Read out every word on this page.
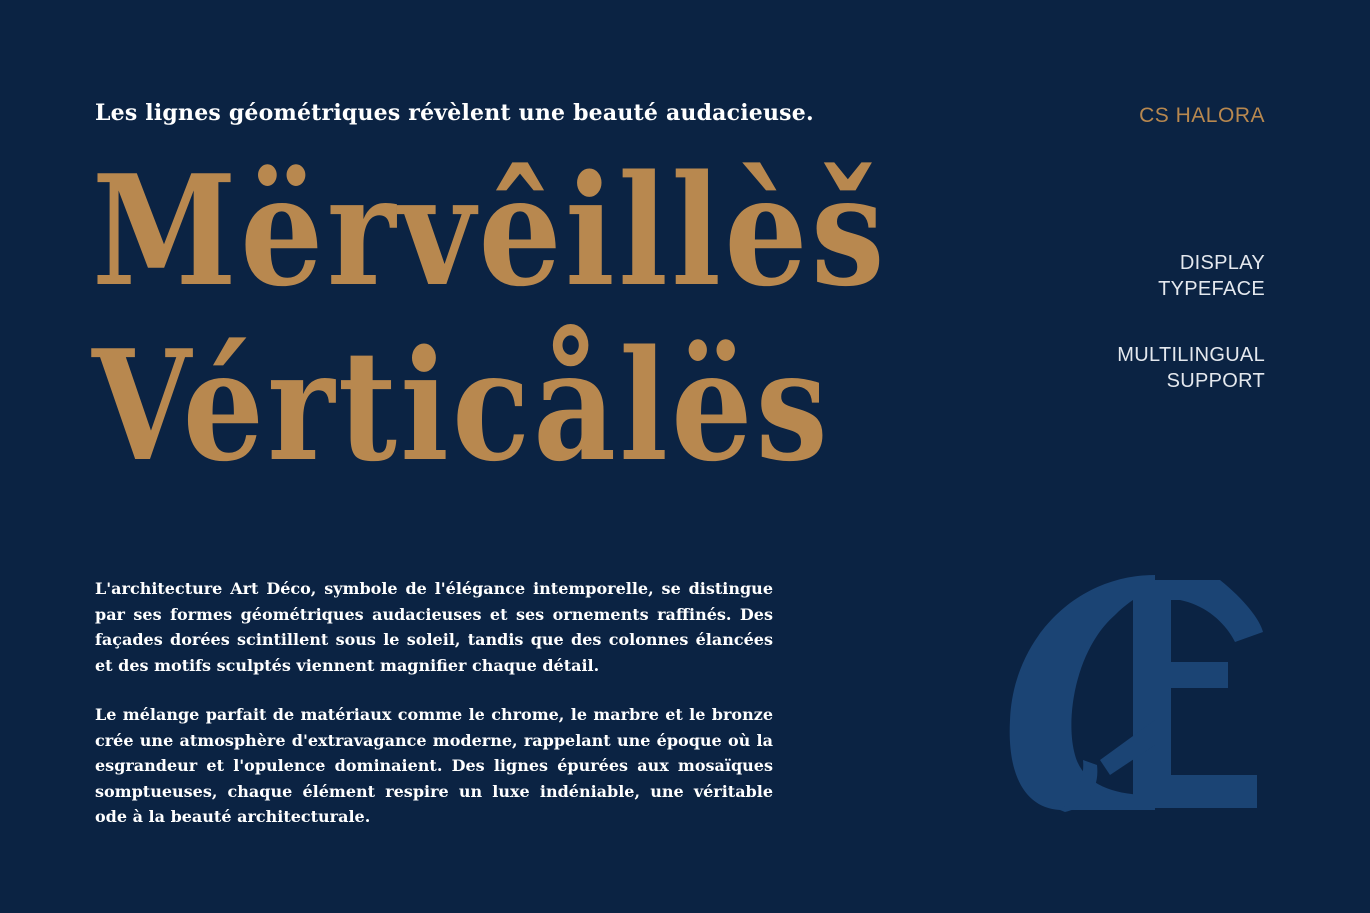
Les lignes géométriques révèlent une beauté audacieuse.	CS HALORA
DISPLAY
TYPEFACE
MULTILINGUAL
SUPPORT
Mërvêillèš
Vérticålës

L'architecture Art Déco, symbole de l'élégance intemporelle, se distingue par ses formes géométriques audacieuses et ses ornements raffinés. Des façades dorées scintillent sous le soleil, tandis que des colonnes élancées et des motifs sculptés viennent magnifier chaque détail.

Le mélange parfait de matériaux comme le chrome, le marbre et le bronze crée une atmosphère d'extravagance moderne, rappelant une époque où la esgrandeur et l'opulence dominaient. Des lignes épurées aux mosaïques somptueuses, chaque élément respire un luxe indéniable, une véritable ode à la beauté architecturale.
